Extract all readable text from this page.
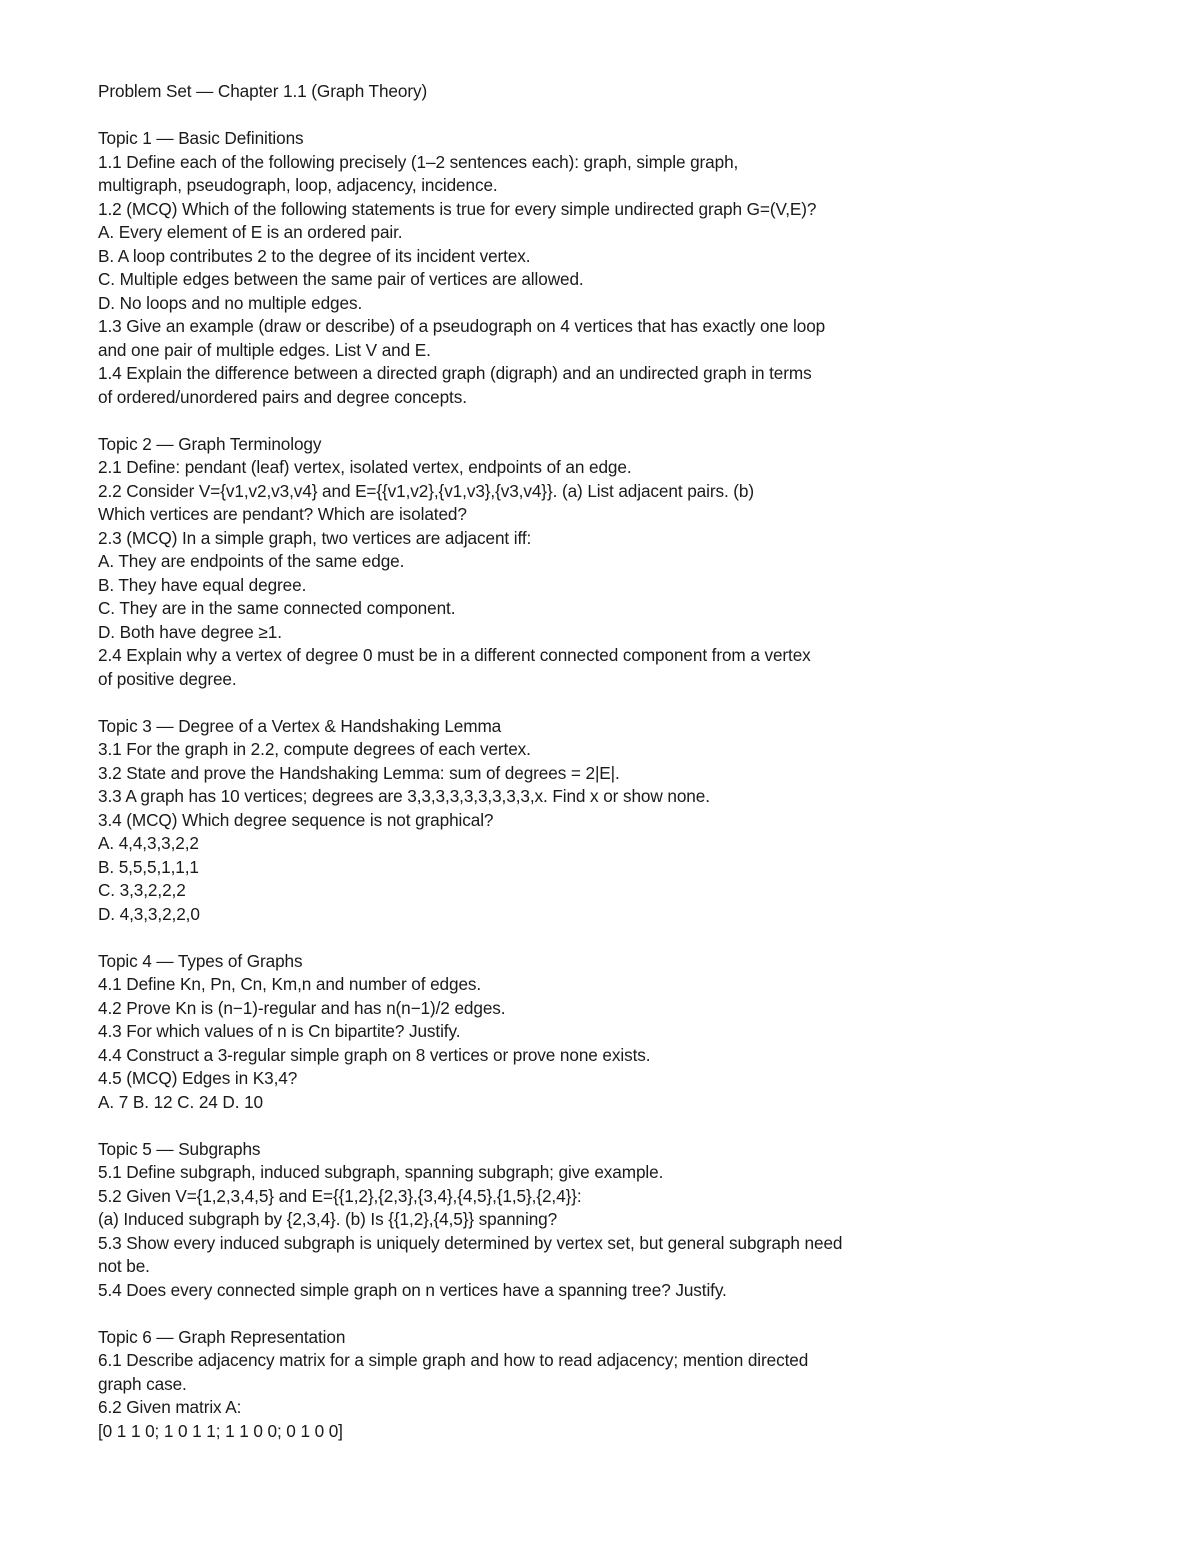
Problem Set — Chapter 1.1 (Graph Theory)

Topic 1 — Basic Definitions

1.1 Define each of the following precisely (1–2 sentences each): graph, simple graph,

multigraph, pseudograph, loop, adjacency, incidence.

1.2 (MCQ) Which of the following statements is true for every simple undirected graph G=(V,E)?

A. Every element of E is an ordered pair.

B. A loop contributes 2 to the degree of its incident vertex.

C. Multiple edges between the same pair of vertices are allowed.

D. No loops and no multiple edges.

1.3 Give an example (draw or describe) of a pseudograph on 4 vertices that has exactly one loop

and one pair of multiple edges. List V and E.

1.4 Explain the difference between a directed graph (digraph) and an undirected graph in terms

of ordered/unordered pairs and degree concepts.

Topic 2 — Graph Terminology

2.1 Define: pendant (leaf) vertex, isolated vertex, endpoints of an edge.

2.2 Consider V={v1,v2,v3,v4} and E={{v1,v2},{v1,v3},{v3,v4}}. (a) List adjacent pairs. (b)

Which vertices are pendant? Which are isolated?

2.3 (MCQ) In a simple graph, two vertices are adjacent iff:

A. They are endpoints of the same edge.

B. They have equal degree.

C. They are in the same connected component.

D. Both have degree ≥1.

2.4 Explain why a vertex of degree 0 must be in a different connected component from a vertex

of positive degree.

Topic 3 — Degree of a Vertex & Handshaking Lemma

3.1 For the graph in 2.2, compute degrees of each vertex.

3.2 State and prove the Handshaking Lemma: sum of degrees = 2|E|.

3.3 A graph has 10 vertices; degrees are 3,3,3,3,3,3,3,3,3,x. Find x or show none.

3.4 (MCQ) Which degree sequence is not graphical?

A. 4,4,3,3,2,2

B. 5,5,5,1,1,1

C. 3,3,2,2,2

D. 4,3,3,2,2,0

Topic 4 — Types of Graphs

4.1 Define Kn, Pn, Cn, Km,n and number of edges.

4.2 Prove Kn is (n−1)-regular and has n(n−1)/2 edges.

4.3 For which values of n is Cn bipartite? Justify.

4.4 Construct a 3-regular simple graph on 8 vertices or prove none exists.

4.5 (MCQ) Edges in K3,4?

A. 7 B. 12 C. 24 D. 10

Topic 5 — Subgraphs

5.1 Define subgraph, induced subgraph, spanning subgraph; give example.

5.2 Given V={1,2,3,4,5} and E={{1,2},{2,3},{3,4},{4,5},{1,5},{2,4}}:

(a) Induced subgraph by {2,3,4}. (b) Is {{1,2},{4,5}} spanning?

5.3 Show every induced subgraph is uniquely determined by vertex set, but general subgraph need

not be.

5.4 Does every connected simple graph on n vertices have a spanning tree? Justify.

Topic 6 — Graph Representation

6.1 Describe adjacency matrix for a simple graph and how to read adjacency; mention directed

graph case.

6.2 Given matrix A:

[0 1 1 0; 1 0 1 1; 1 1 0 0; 0 1 0 0]
